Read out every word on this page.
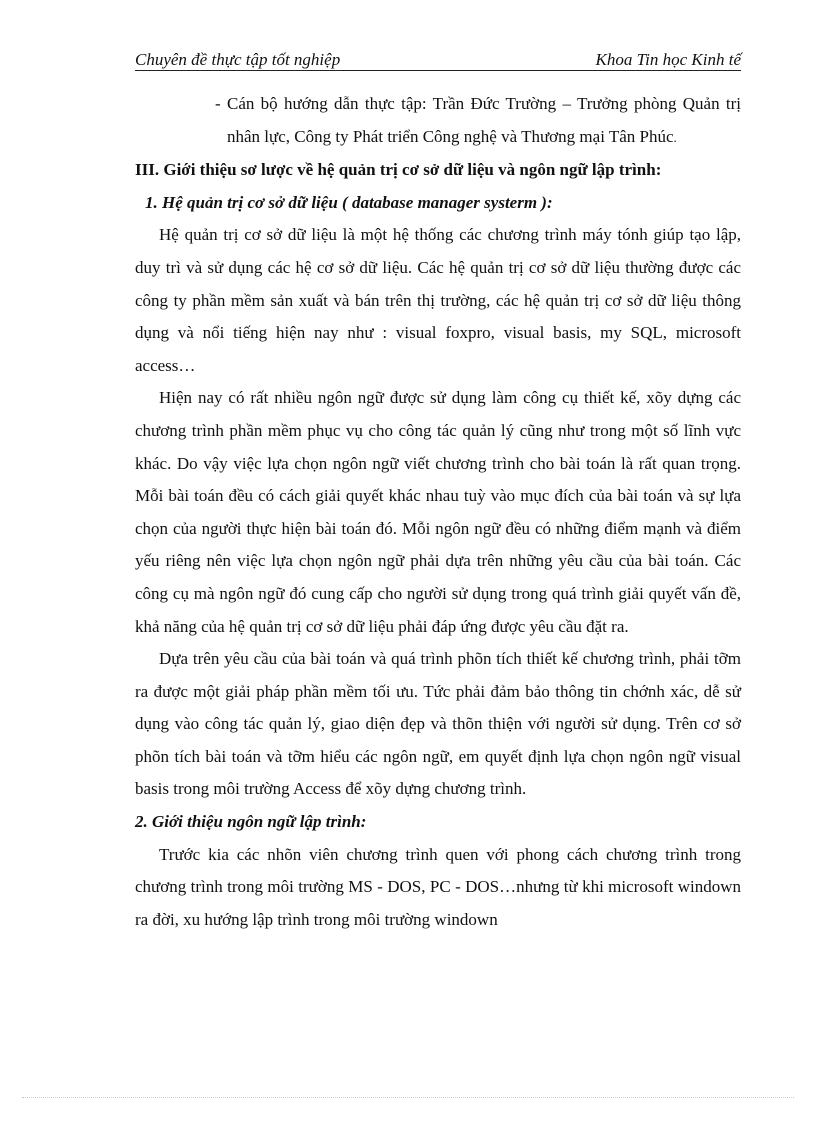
Chuyên đề thực tập tốt nghiệp	Khoa Tin học Kinh tế

- Cán bộ hướng dẫn thực tập: Trần Đức Trường – Trưởng phòng Quản trị nhân lực, Công ty Phát triển Công nghệ và Thương mại Tân Phúc.

III. Giới thiệu sơ lược về hệ quản trị cơ sở dữ liệu và ngôn ngữ lập trình:

1. Hệ quản trị cơ sở dữ liệu ( database manager systerm ):

Hệ quản trị cơ sở dữ liệu là một hệ thống các chương trình máy tónh giúp tạo lập, duy trì và sử dụng các hệ cơ sở dữ liệu. Các hệ quản trị cơ sở dữ liệu thường được các công ty phần mềm sản xuất và bán trên thị trường, các hệ quản trị cơ sở dữ liệu thông dụng và nổi tiếng hiện nay như : visual foxpro, visual basis, my SQL, microsoft access…

Hiện nay có rất nhiều ngôn ngữ được sử dụng làm công cụ thiết kế, xõy dựng các chương trình phần mềm phục vụ cho công tác quản lý cũng như trong một số lĩnh vực khác. Do vậy việc lựa chọn ngôn ngữ viết chương trình cho bài toán là rất quan trọng. Mỗi bài toán đều có cách giải quyết khác nhau tuỳ vào mục đích của bài toán và sự lựa chọn của người thực hiện bài toán đó. Mỗi ngôn ngữ đều có những điểm mạnh và điểm yếu riêng nên việc lựa chọn ngôn ngữ phải dựa trên những yêu cầu của bài toán. Các công cụ mà ngôn ngữ đó cung cấp cho người sử dụng trong quá trình giải quyết vấn đề, khả năng của hệ quản trị cơ sở dữ liệu phải đáp ứng được yêu cầu đặt ra.

Dựa trên yêu cầu của bài toán và quá trình phõn tích thiết kế chương trình, phải tỡm ra được một giải pháp phần mềm tối ưu. Tức phải đảm bảo thông tin chớnh xác, dễ sử dụng vào công tác quản lý, giao diện đẹp và thõn thiện với người sử dụng. Trên cơ sở phõn tích bài toán và tỡm hiểu các ngôn ngữ, em quyết định lựa chọn ngôn ngữ visual basis trong môi trường Access để xõy dựng chương trình.

2. Giới thiệu ngôn ngữ lập trình:

Trước kia các nhõn viên chương trình quen với phong cách chương trình trong chương trình trong môi trường MS - DOS, PC - DOS…nhưng từ khi microsoft windown ra đời, xu hướng lập trình trong môi trường windown
